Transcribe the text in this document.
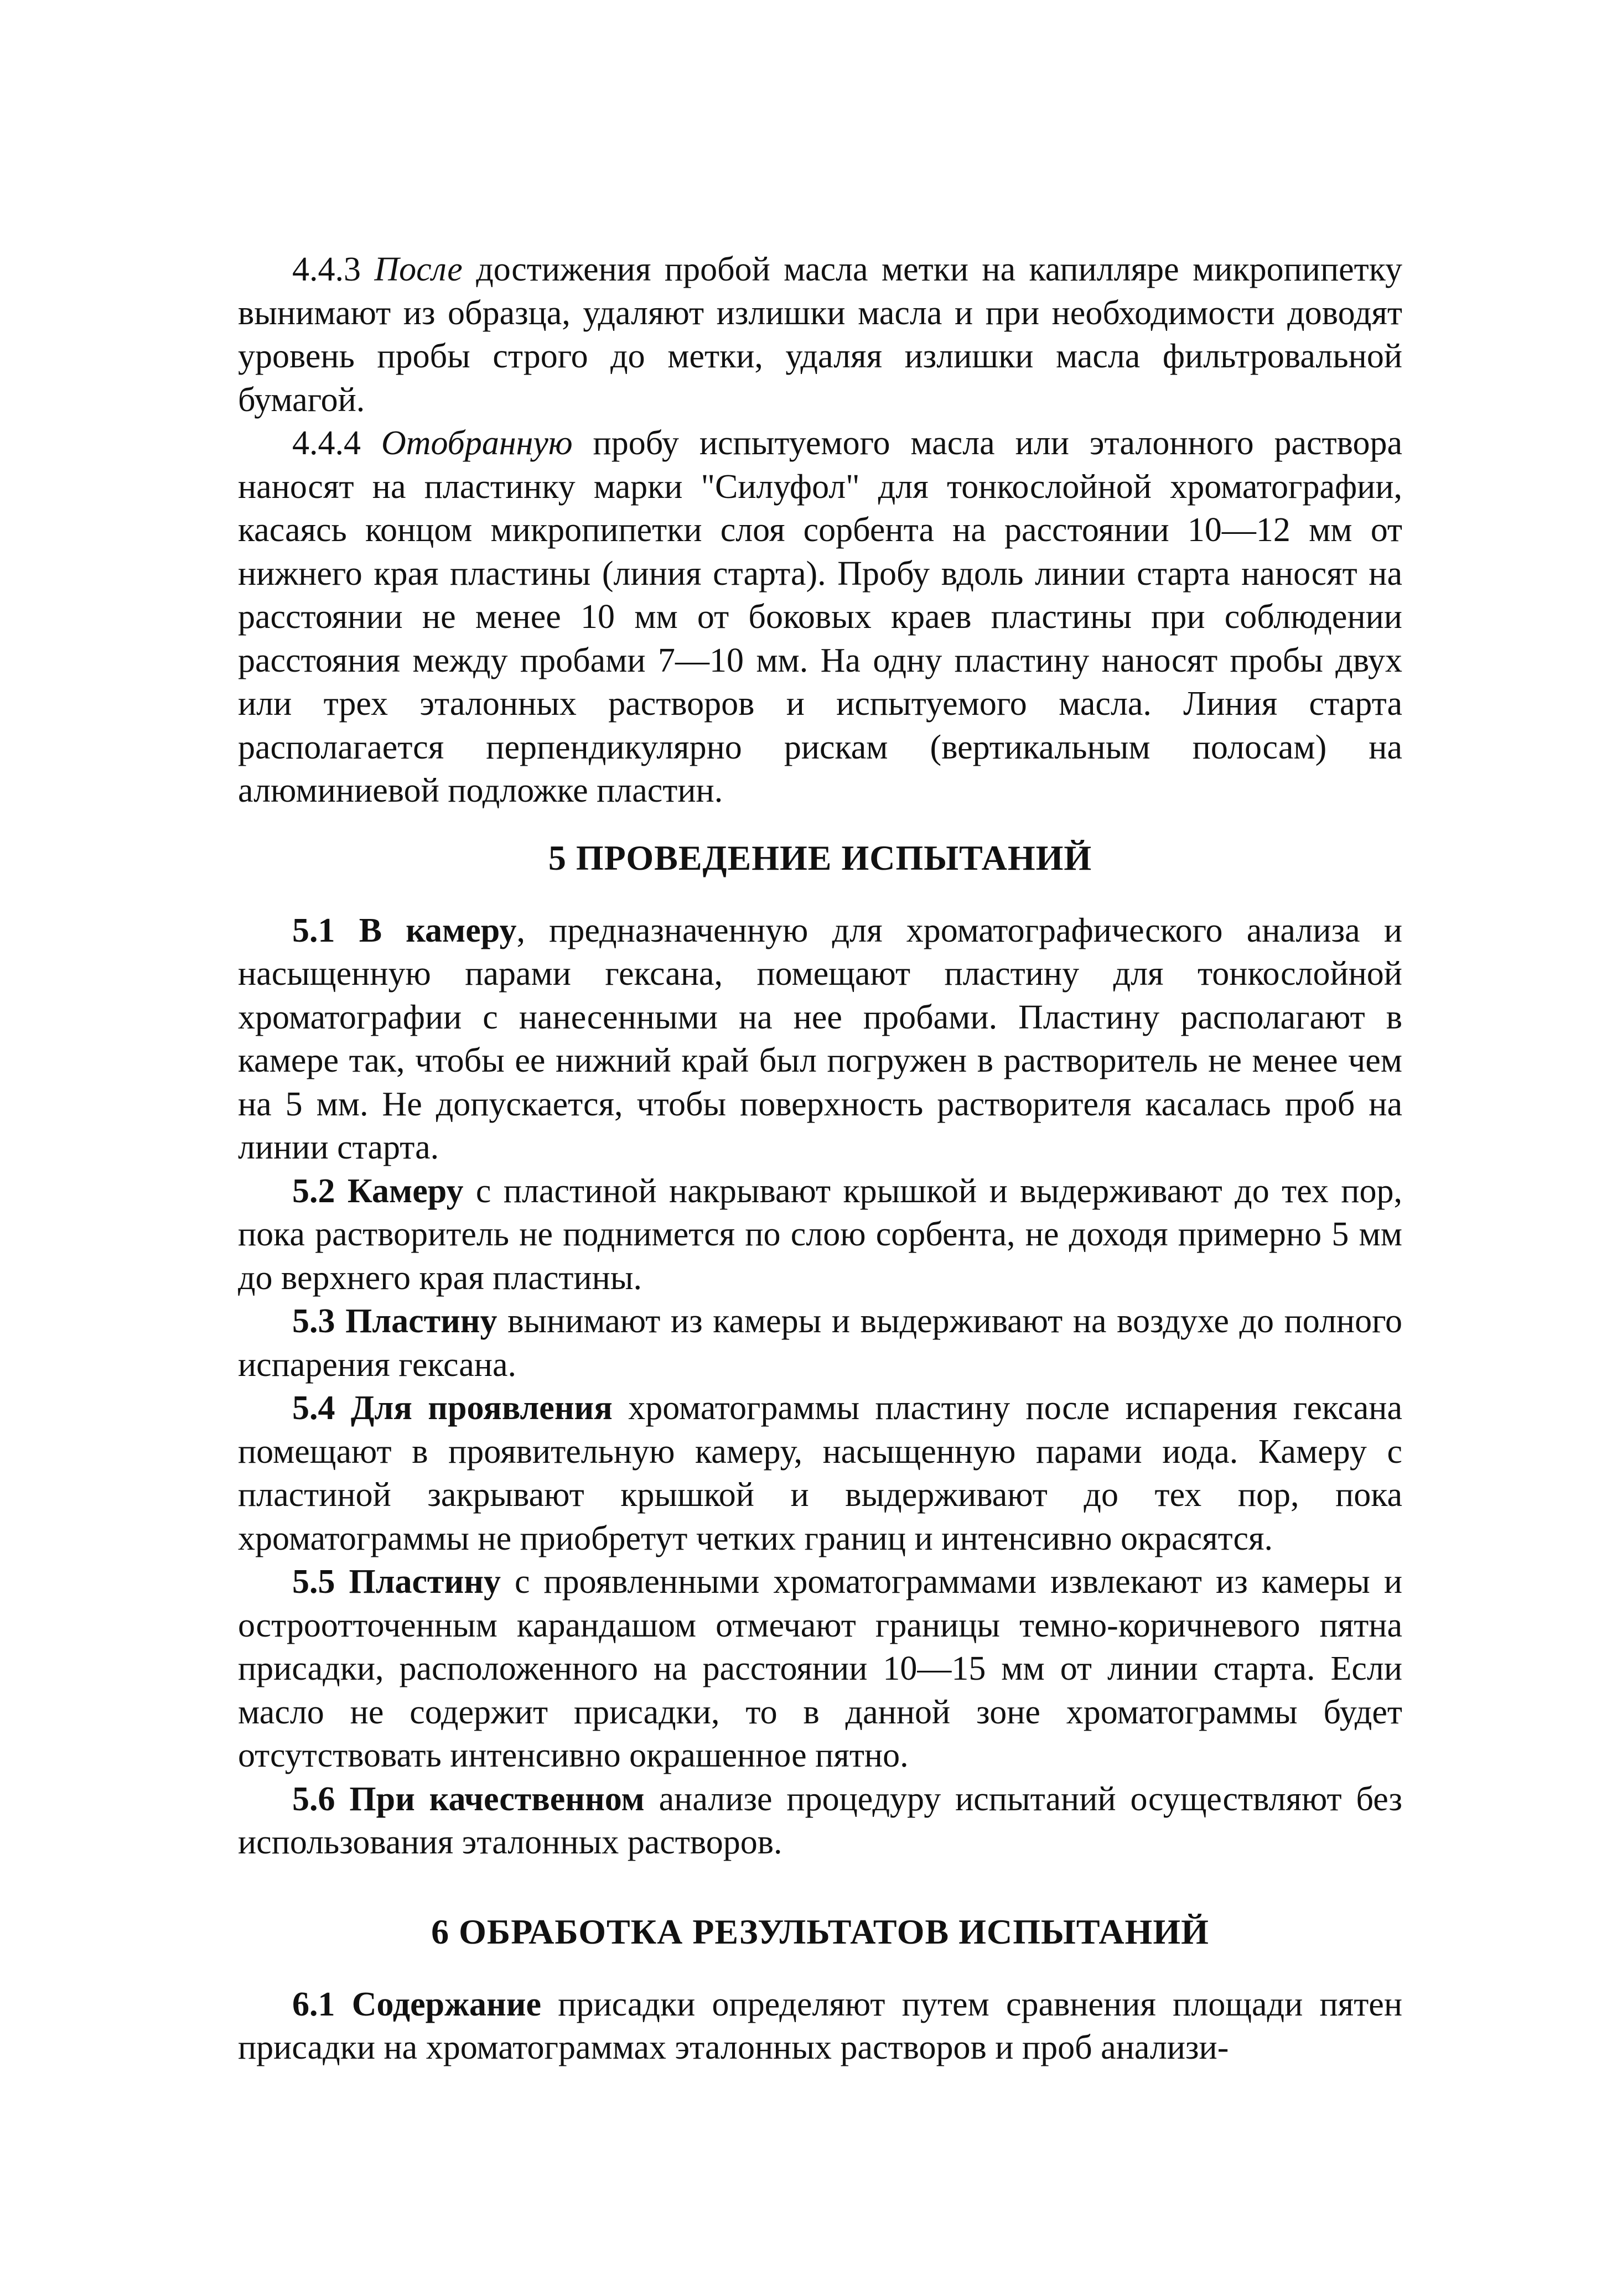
4.4.3 После достижения пробой масла метки на капилляре микропипетку вынимают из образца, удаляют излишки масла и при необходимости доводят уровень пробы строго до метки, удаляя излишки масла фильтровальной бумагой.

4.4.4 Отобранную пробу испытуемого масла или эталонного раствора наносят на пластинку марки "Силуфол" для тонкослойной хроматографии, касаясь концом микропипетки слоя сорбента на расстоянии 10—12 мм от нижнего края пластины (линия старта). Пробу вдоль линии старта наносят на расстоянии не менее 10 мм от боковых краев пластины при соблюдении расстояния между пробами 7—10 мм. На одну пластину наносят пробы двух или трех эталонных растворов и испытуемого масла. Линия старта располагается перпендикулярно рискам (вертикальным полосам) на алюминиевой подложке пластин.

5 ПРОВЕДЕНИЕ ИСПЫТАНИЙ

5.1 В камеру, предназначенную для хроматографического анализа и насыщенную парами гексана, помещают пластину для тонкослойной хроматографии с нанесенными на нее пробами. Пластину располагают в камере так, чтобы ее нижний край был погружен в растворитель не менее чем на 5 мм. Не допускается, чтобы поверхность растворителя касалась проб на линии старта.

5.2 Камеру с пластиной накрывают крышкой и выдерживают до тех пор, пока растворитель не поднимется по слою сорбента, не доходя примерно 5 мм до верхнего края пластины.

5.3 Пластину вынимают из камеры и выдерживают на воздухе до полного испарения гексана.

5.4 Для проявления хроматограммы пластину после испарения гексана помещают в проявительную камеру, насыщенную парами иода. Камеру с пластиной закрывают крышкой и выдерживают до тех пор, пока хроматограммы не приобретут четких границ и интенсивно окрасятся.

5.5 Пластину с проявленными хроматограммами извлекают из камеры и остроотточенным карандашом отмечают границы темно-коричневого пятна присадки, расположенного на расстоянии 10—15 мм от линии старта. Если масло не содержит присадки, то в данной зоне хроматограммы будет отсутствовать интенсивно окрашенное пятно.

5.6 При качественном анализе процедуру испытаний осуществляют без использования эталонных растворов.

6 ОБРАБОТКА РЕЗУЛЬТАТОВ ИСПЫТАНИЙ

6.1 Содержание присадки определяют путем сравнения площади пятен присадки на хроматограммах эталонных растворов и проб анализи-
